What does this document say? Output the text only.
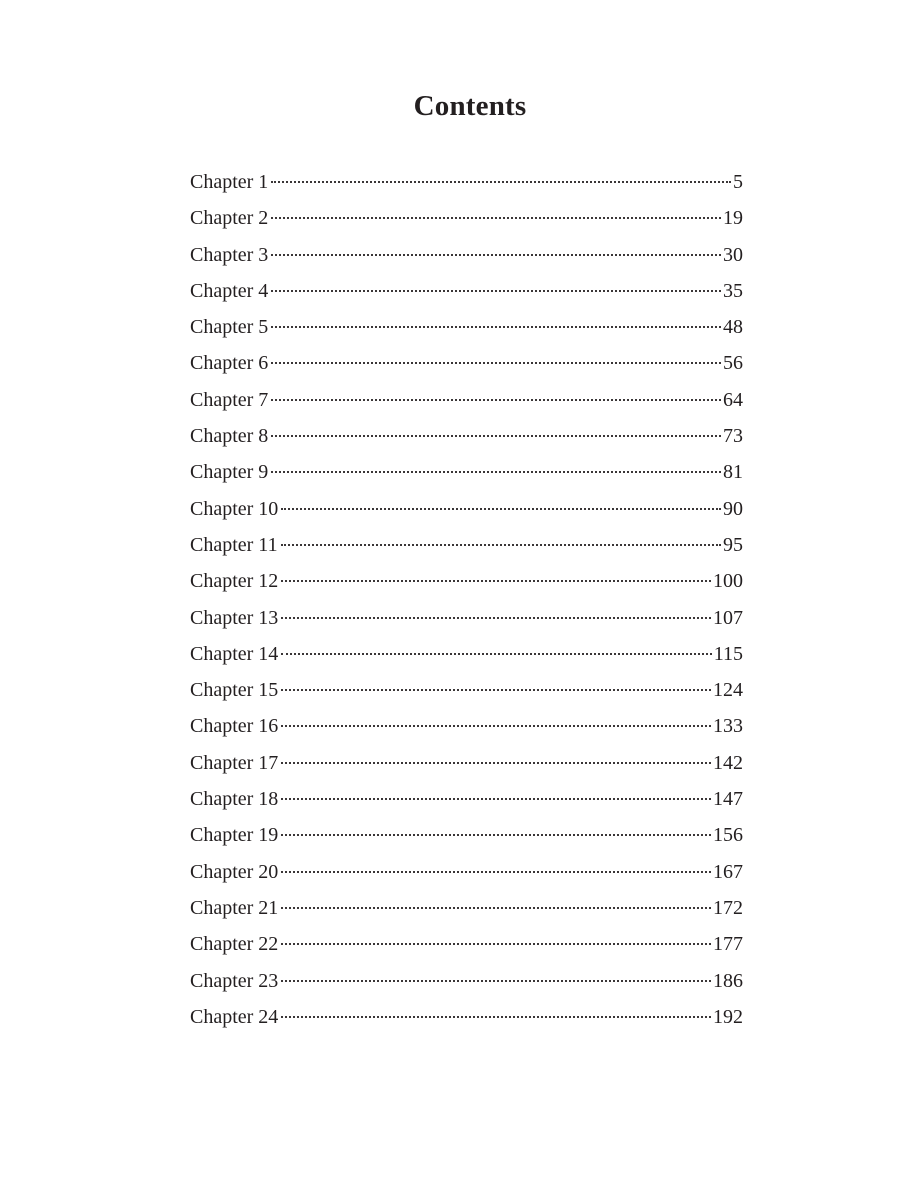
Contents
Chapter 1	5
Chapter 2	19
Chapter 3	30
Chapter 4	35
Chapter 5	48
Chapter 6	56
Chapter 7	64
Chapter 8	73
Chapter 9	81
Chapter 10	90
Chapter 11	95
Chapter 12	100
Chapter 13	107
Chapter 14	115
Chapter 15	124
Chapter 16	133
Chapter 17	142
Chapter 18	147
Chapter 19	156
Chapter 20	167
Chapter 21	172
Chapter 22	177
Chapter 23	186
Chapter 24	192
